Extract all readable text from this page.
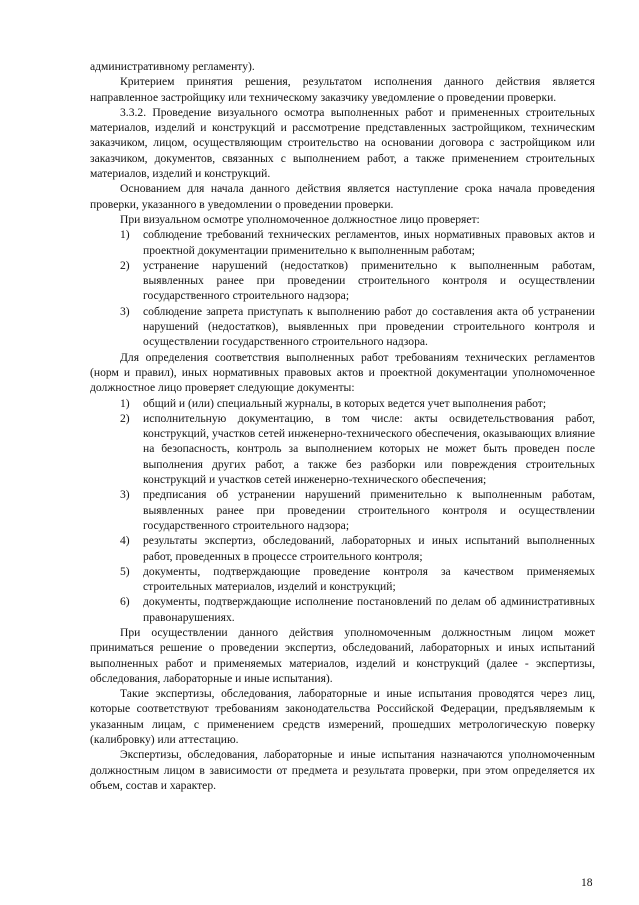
административному регламенту).

Критерием принятия решения, результатом исполнения данного действия является направленное застройщику или техническому заказчику уведомление о проведении проверки.

3.3.2. Проведение визуального осмотра выполненных работ и примененных строительных материалов, изделий и конструкций и рассмотрение представленных застройщиком, техническим заказчиком, лицом, осуществляющим строительство на основании договора с застройщиком или заказчиком, документов, связанных с выполнением работ, а также применением строительных материалов, изделий и конструкций.

Основанием для начала данного действия является наступление срока начала проведения проверки, указанного в уведомлении о проведении проверки.

При визуальном осмотре уполномоченное должностное лицо проверяет:

1) соблюдение требований технических регламентов, иных нормативных правовых актов и проектной документации применительно к выполненным работам;

2) устранение нарушений (недостатков) применительно к выполненным работам, выявленных ранее при проведении строительного контроля и осуществлении государственного строительного надзора;

3) соблюдение запрета приступать к выполнению работ до составления акта об устранении нарушений (недостатков), выявленных при проведении строительного контроля и осуществлении государственного строительного надзора.

Для определения соответствия выполненных работ требованиям технических регламентов (норм и правил), иных нормативных правовых актов и проектной документации уполномоченное должностное лицо проверяет следующие документы:

1) общий и (или) специальный журналы, в которых ведется учет выполнения работ;

2) исполнительную документацию, в том числе: акты освидетельствования работ, конструкций, участков сетей инженерно-технического обеспечения, оказывающих влияние на безопасность, контроль за выполнением которых не может быть проведен после выполнения других работ, а также без разборки или повреждения строительных конструкций и участков сетей инженерно-технического обеспечения;

3) предписания об устранении нарушений применительно к выполненным работам, выявленных ранее при проведении строительного контроля и осуществлении государственного строительного надзора;

4) результаты экспертиз, обследований, лабораторных и иных испытаний выполненных работ, проведенных в процессе строительного контроля;

5) документы, подтверждающие проведение контроля за качеством применяемых строительных материалов, изделий и конструкций;

6) документы, подтверждающие исполнение постановлений по делам об административных правонарушениях.

При осуществлении данного действия уполномоченным должностным лицом может приниматься решение о проведении экспертиз, обследований, лабораторных и иных испытаний выполненных работ и применяемых материалов, изделий и конструкций (далее - экспертизы, обследования, лабораторные и иные испытания).

Такие экспертизы, обследования, лабораторные и иные испытания проводятся через лиц, которые соответствуют требованиям законодательства Российской Федерации, предъявляемым к указанным лицам, с применением средств измерений, прошедших метрологическую поверку (калибровку) или аттестацию.

Экспертизы, обследования, лабораторные и иные испытания назначаются уполномоченным должностным лицом в зависимости от предмета и результата проверки, при этом определяется их объем, состав и характер.

18
